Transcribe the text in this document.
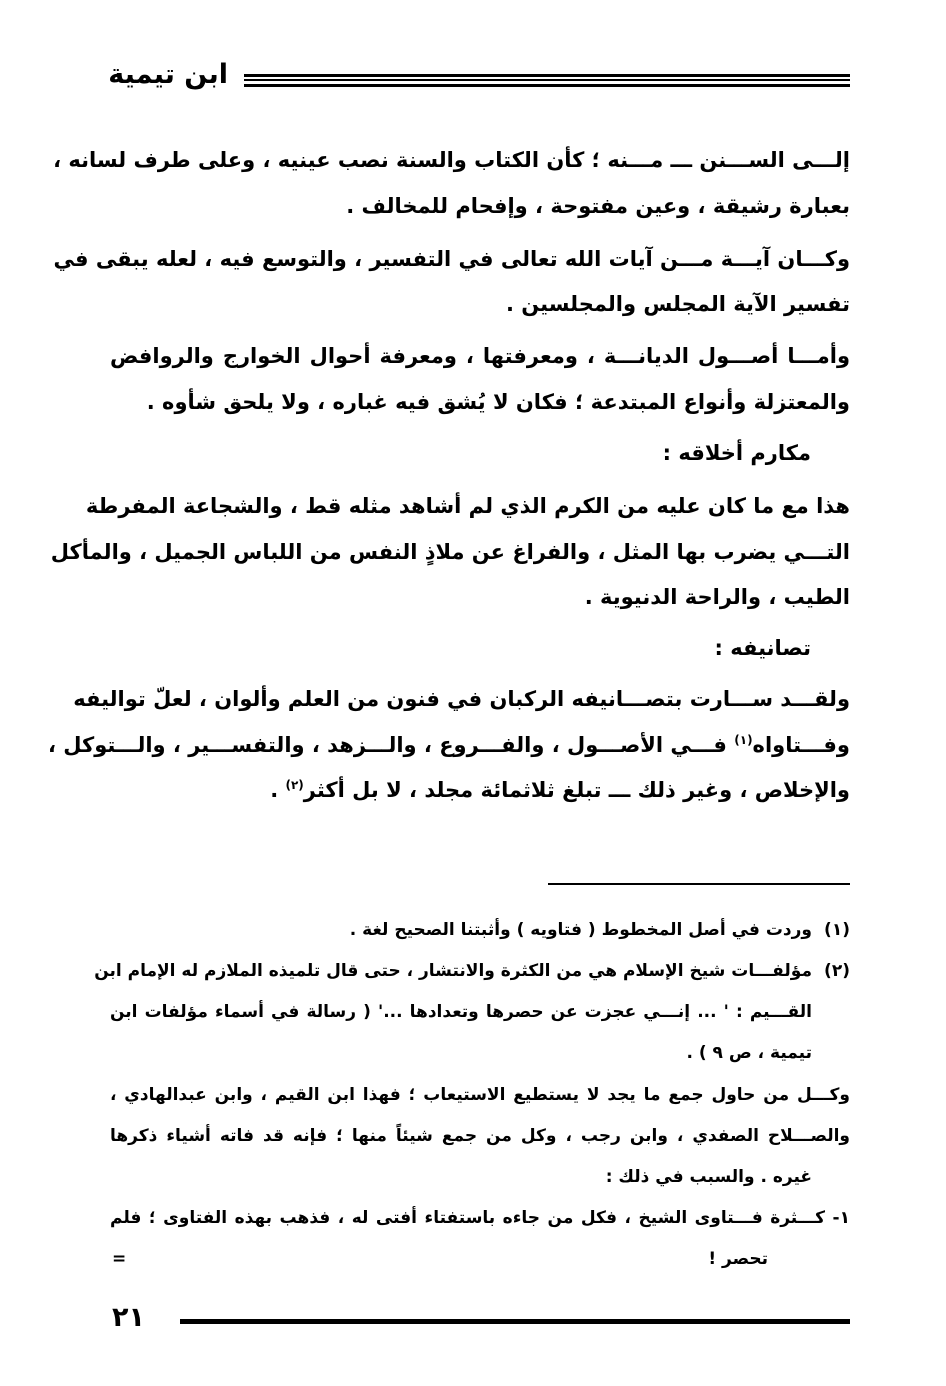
ابن تيمية
إلـــى الســـنن ـــ مـــنه ؛ كأن الكتاب والسنة نصب عينيه ، وعلى طرف لسانه ،
بعبارة رشيقة ، وعين مفتوحة ، وإفحام للمخالف .
وكـــان آيـــة مـــن آيات الله تعالى في التفسير ، والتوسع فيه ، لعله يبقى في
تفسير الآية المجلس والمجلسين .
وأمـــا أصـــول الديانـــة ، ومعرفتها ، ومعرفة أحوال الخوارج والروافض
والمعتزلة وأنواع المبتدعة ؛ فكان لا يُشق فيه غباره ، ولا يلحق شأوه .
مكارم أخلاقه :
هذا مع ما كان عليه من الكرم الذي لم أشاهد مثله قط ، والشجاعة المفرطة
التـــي يضرب بها المثل ، والفراغ عن ملاذٍ النفس من اللباس الجميل ، والمأكل
الطيب ، والراحة الدنيوية .
تصانيفه :
ولقـــد ســـارت بتصـــانيفه الركبان في فنون من العلم وألوان ، لعلّ تواليفه
وفـــتاواه$^{(١)}$ فـــي الأصـــول ، والفـــروع ، والـــزهد ، والتفســـير ، والـــتوكل ،
والإخلاص ، وغير ذلك ـــ تبلغ ثلاثمائة مجلد ، لا بل أكثر$^{(٢)}$ .
(١)
وردت في أصل المخطوط ( فتاويه ) وأثبتنا الصحيح لغة .
(٢)
مؤلفـــات شيخ الإسلام هي من الكثرة والانتشار ، حتى قال تلميذه الملازم له الإمام ابن
القـــيم : ' ... إنـــي عجزت عن حصرها وتعدادها ...' ( رسالة في أسماء مؤلفات ابن
تيمية ، ص ٩ ) .
وكـــل من حاول جمع ما يجد لا يستطيع الاستيعاب ؛ فهذا ابن القيم ، وابن عبدالهادي ،
والصـــلاح الصفدي ، وابن رجب ، وكل من جمع شيئاً منها ؛ فإنه قد فاته أشياء ذكرها
غيره . والسبب في ذلك :
١- كـــثرة فـــتاوى الشيخ ، فكل من جاءه باستفتاء أفتى له ، فذهب بهذه الفتاوى ؛ فلم
تحصر !
=
٢١
